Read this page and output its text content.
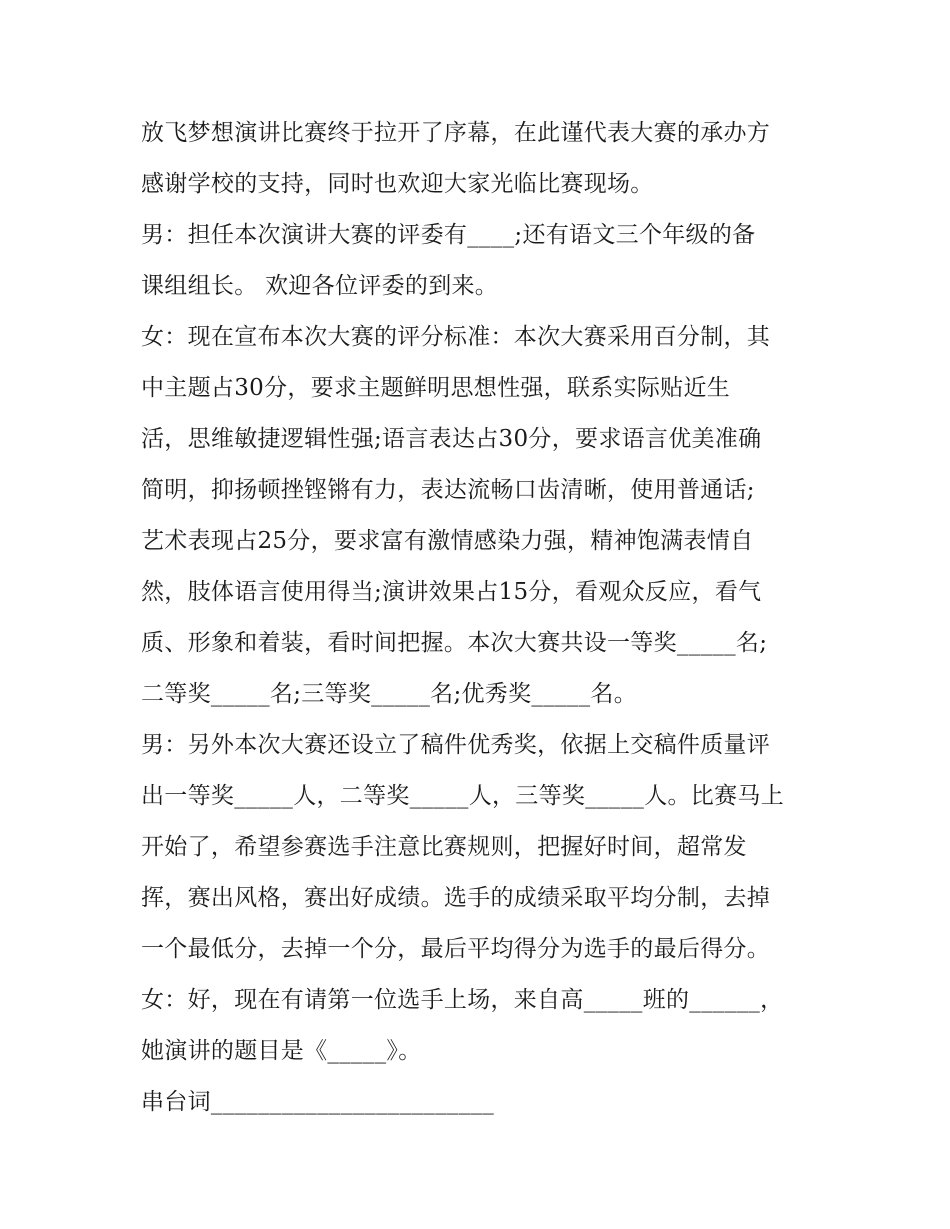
放飞梦想演讲比赛终于拉开了序幕，在此谨代表大赛的承办方
感谢学校的支持，同时也欢迎大家光临比赛现场。
男：担任本次演讲大赛的评委有____;还有语文三个年级的备
课组组长。 欢迎各位评委的到来。
女：现在宣布本次大赛的评分标准：本次大赛采用百分制，其
中主题占30分，要求主题鲜明思想性强，联系实际贴近生
活，思维敏捷逻辑性强;语言表达占30分，要求语言优美准确
简明，抑扬顿挫铿锵有力，表达流畅口齿清晰，使用普通话;
艺术表现占25分，要求富有激情感染力强，精神饱满表情自
然，肢体语言使用得当;演讲效果占15分，看观众反应，看气
质、形象和着装，看时间把握。本次大赛共设一等奖_____名;
二等奖_____名;三等奖_____名;优秀奖_____名。
男：另外本次大赛还设立了稿件优秀奖，依据上交稿件质量评
出一等奖_____人，二等奖_____人，三等奖_____人。比赛马上
开始了，希望参赛选手注意比赛规则，把握好时间，超常发
挥，赛出风格，赛出好成绩。选手的成绩采取平均分制，去掉
一个最低分，去掉一个分，最后平均得分为选手的最后得分。
女：好，现在有请第一位选手上场，来自高_____班的______，
她演讲的题目是《_____》。
串台词________________________
